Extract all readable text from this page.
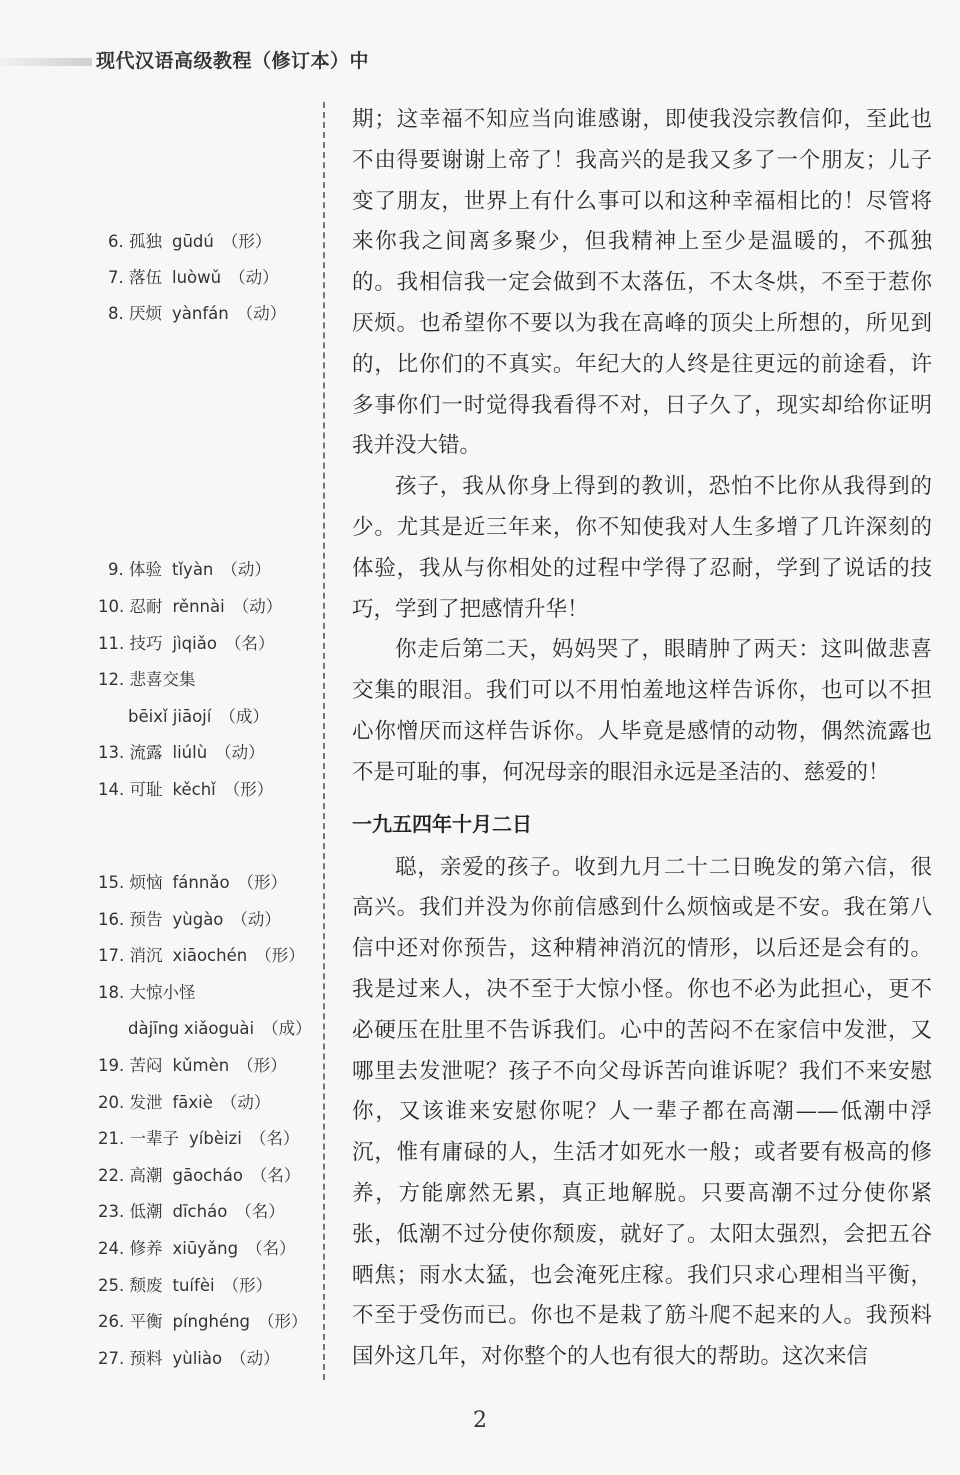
现代汉语高级教程（修订本）中
6. 孤独 gūdú （形）
7. 落伍 luòwǔ （动）
8. 厌烦 yànfán （动）
9. 体验 tǐyàn （动）
10. 忍耐 rěnnài （动）
11. 技巧 jìqiǎo （名）
12. 悲喜交集
bēixǐ jiāojí （成）
13. 流露 liúlù （动）
14. 可耻 kěchǐ （形）
15. 烦恼 fánnǎo （形）
16. 预告 yùgào （动）
17. 消沉 xiāochén （形）
18. 大惊小怪
dàjīng xiǎoguài （成）
19. 苦闷 kǔmèn （形）
20. 发泄 fāxiè （动）
21. 一辈子 yíbèizi （名）
22. 高潮 gāocháo （名）
23. 低潮 dīcháo （名）
24. 修养 xiūyǎng （名）
25. 颓废 tuífèi （形）
26. 平衡 pínghéng （形）
27. 预料 yùliào （动）

期；这幸福不知应当向谁感谢，即使我没宗教信仰，至此也不由得要谢谢上帝了！我高兴的是我又多了一个朋友；儿子变了朋友，世界上有什么事可以和这种幸福相比的！尽管将来你我之间离多聚少，但我精神上至少是温暖的，不孤独的。我相信我一定会做到不太落伍，不太冬烘，不至于惹你厌烦。也希望你不要以为我在高峰的顶尖上所想的，所见到的，比你们的不真实。年纪大的人终是往更远的前途看，许多事你们一时觉得我看得不对，日子久了，现实却给你证明我并没大错。

孩子，我从你身上得到的教训，恐怕不比你从我得到的少。尤其是近三年来，你不知使我对人生多增了几许深刻的体验，我从与你相处的过程中学得了忍耐，学到了说话的技巧，学到了把感情升华！

你走后第二天，妈妈哭了，眼睛肿了两天：这叫做悲喜交集的眼泪。我们可以不用怕羞地这样告诉你，也可以不担心你憎厌而这样告诉你。人毕竟是感情的动物，偶然流露也不是可耻的事，何况母亲的眼泪永远是圣洁的、慈爱的！

一九五四年十月二日

聪，亲爱的孩子。收到九月二十二日晚发的第六信，很高兴。我们并没为你前信感到什么烦恼或是不安。我在第八信中还对你预告，这种精神消沉的情形，以后还是会有的。我是过来人，决不至于大惊小怪。你也不必为此担心，更不必硬压在肚里不告诉我们。心中的苦闷不在家信中发泄，又哪里去发泄呢？孩子不向父母诉苦向谁诉呢？我们不来安慰你，又该谁来安慰你呢？人一辈子都在高潮——低潮中浮沉，惟有庸碌的人，生活才如死水一般；或者要有极高的修养，方能廓然无累，真正地解脱。只要高潮不过分使你紧张，低潮不过分使你颓废，就好了。太阳太强烈，会把五谷晒焦；雨水太猛，也会淹死庄稼。我们只求心理相当平衡，不至于受伤而已。你也不是栽了筋斗爬不起来的人。我预料国外这几年，对你整个的人也有很大的帮助。这次来信

2
